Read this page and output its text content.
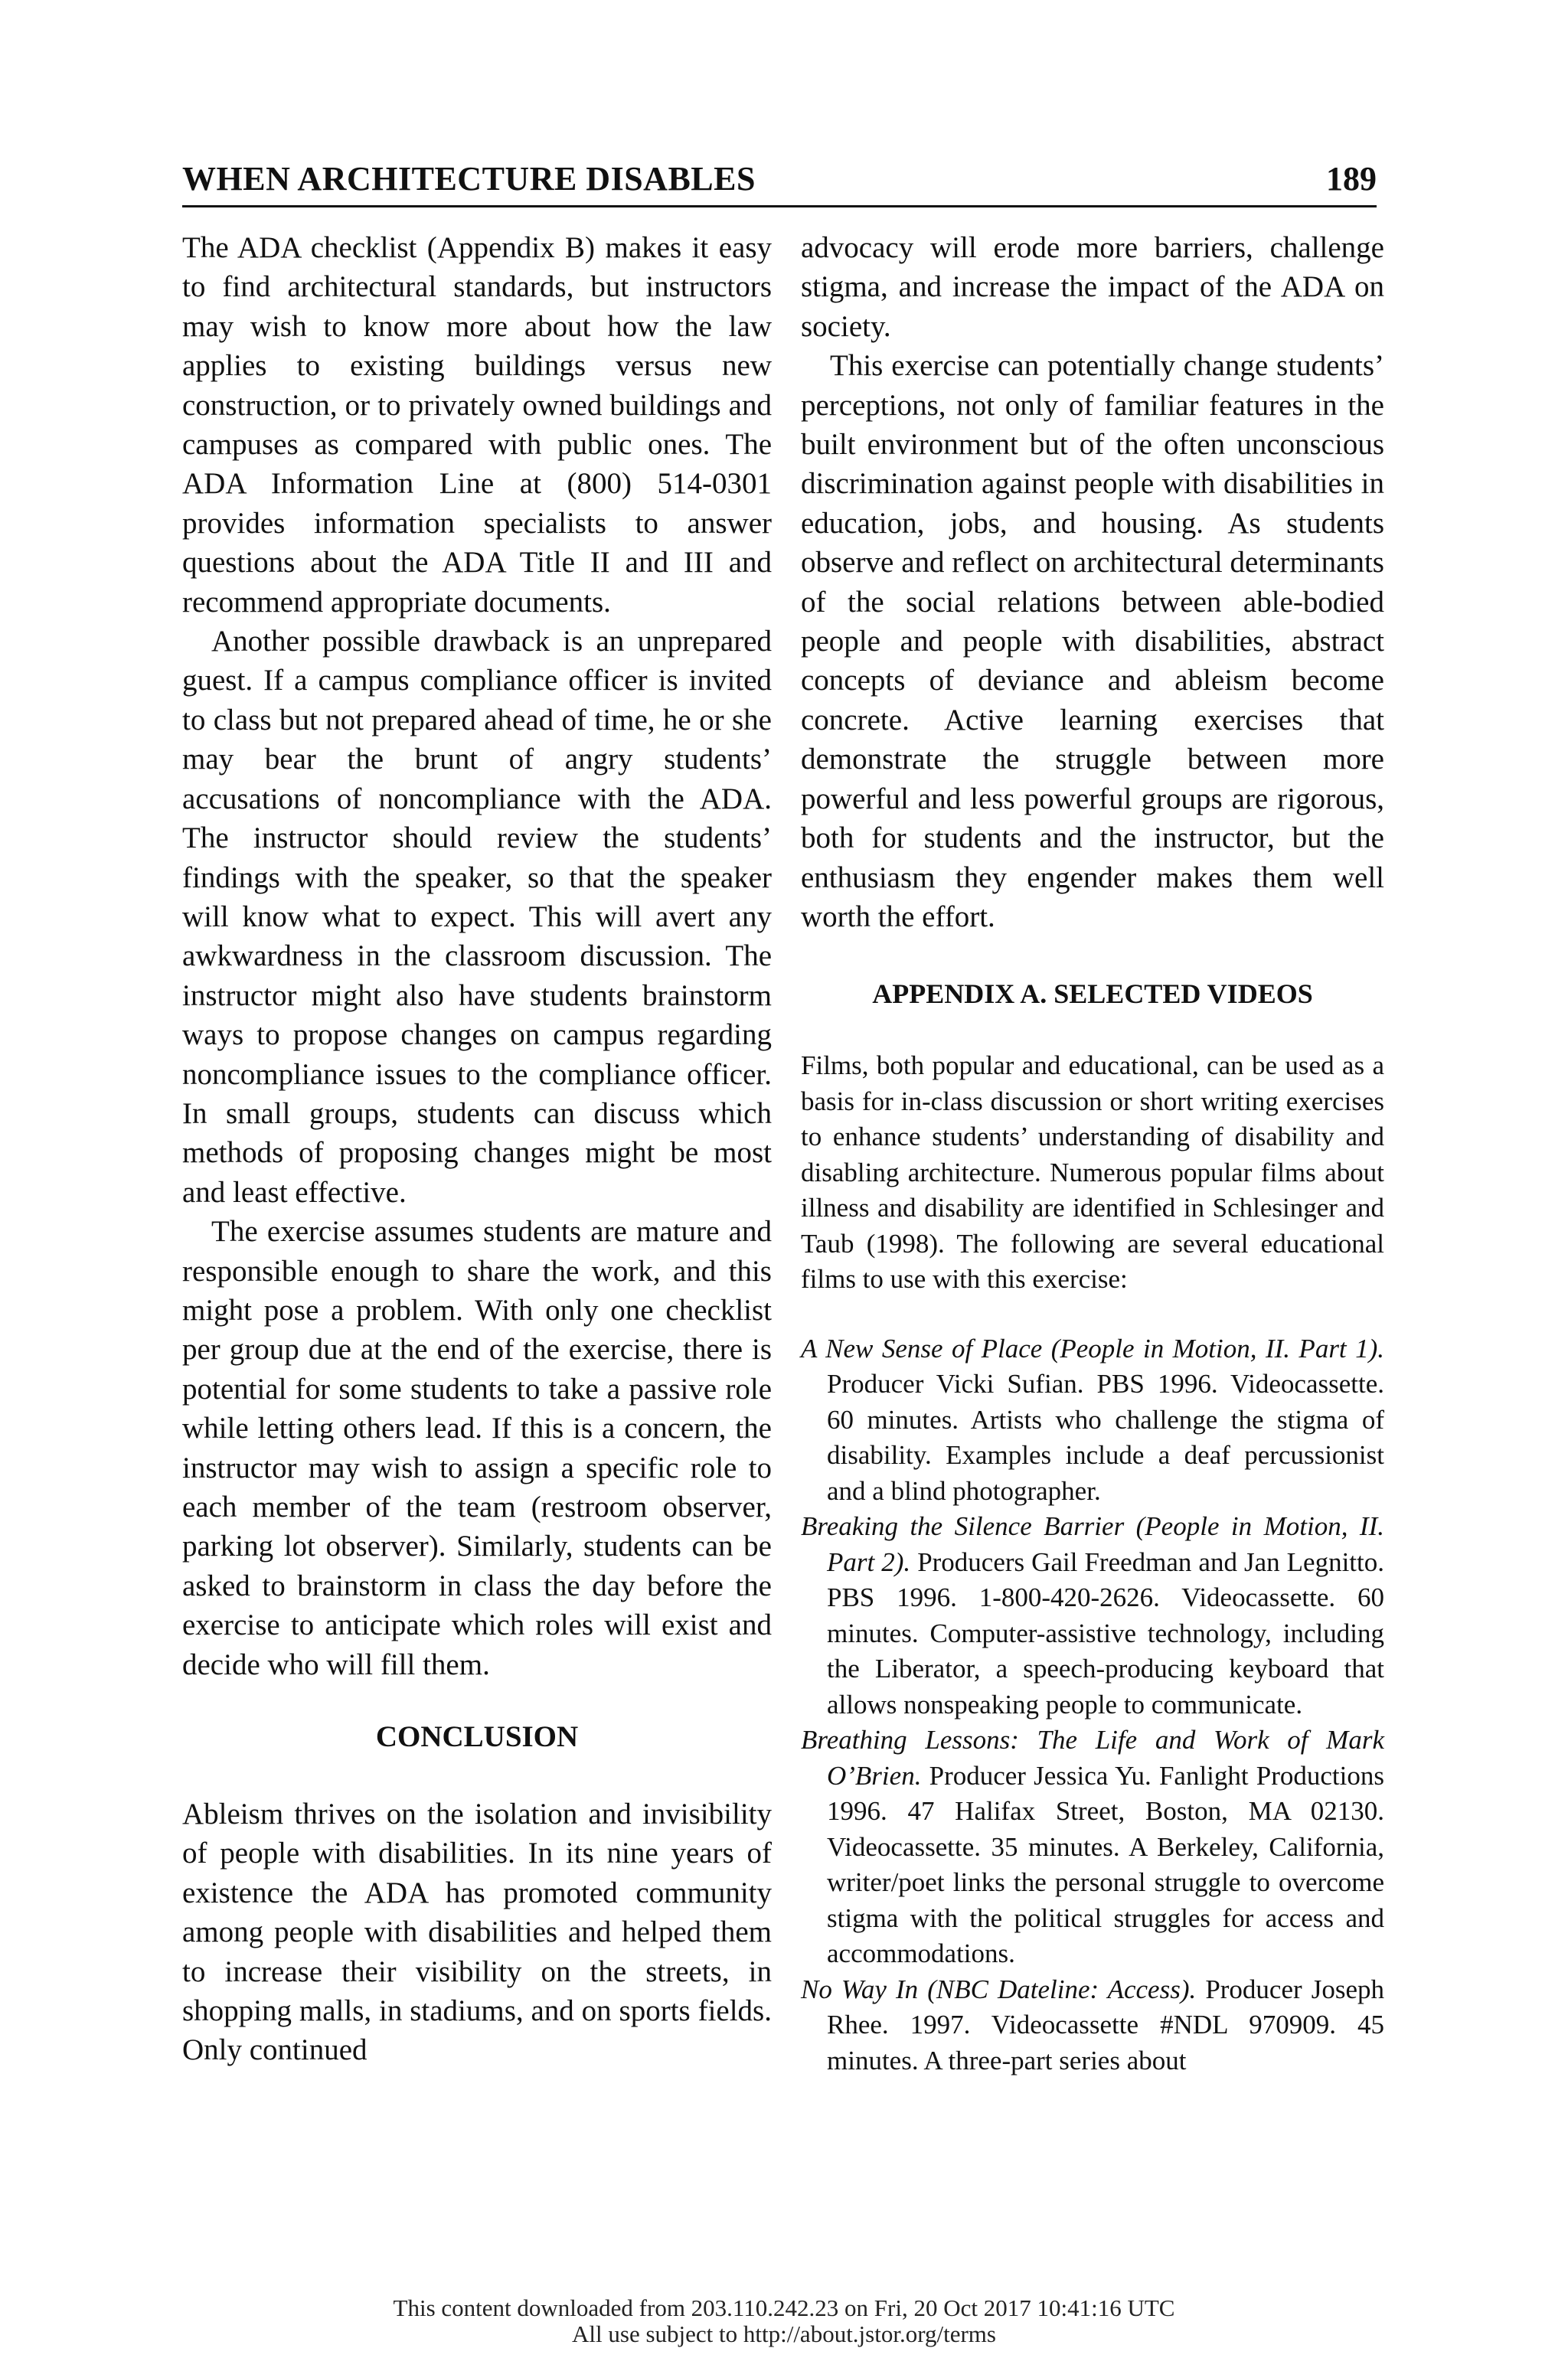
WHEN ARCHITECTURE DISABLES	189

The ADA checklist (Appendix B) makes it easy to find architectural standards, but instructors may wish to know more about how the law applies to existing buildings versus new construction, or to privately owned buildings and campuses as compared with public ones. The ADA Information Line at (800) 514-0301 provides information specialists to answer questions about the ADA Title II and III and recommend appropriate documents.

Another possible drawback is an unprepared guest. If a campus compliance officer is invited to class but not prepared ahead of time, he or she may bear the brunt of angry students’ accusations of noncompliance with the ADA. The instructor should review the students’ findings with the speaker, so that the speaker will know what to expect. This will avert any awkwardness in the classroom discussion. The instructor might also have students brainstorm ways to propose changes on campus regarding noncompliance issues to the compliance officer. In small groups, students can discuss which methods of proposing changes might be most and least effective.

The exercise assumes students are mature and responsible enough to share the work, and this might pose a problem. With only one checklist per group due at the end of the exercise, there is potential for some students to take a passive role while letting others lead. If this is a concern, the instructor may wish to assign a specific role to each member of the team (restroom observer, parking lot observer). Similarly, students can be asked to brainstorm in class the day before the exercise to anticipate which roles will exist and decide who will fill them.

CONCLUSION

Ableism thrives on the isolation and invisibility of people with disabilities. In its nine years of existence the ADA has promoted community among people with disabilities and helped them to increase their visibility on the streets, in shopping malls, in stadiums, and on sports fields. Only continued

advocacy will erode more barriers, challenge stigma, and increase the impact of the ADA on society.

This exercise can potentially change students’ perceptions, not only of familiar features in the built environment but of the often unconscious discrimination against people with disabilities in education, jobs, and housing. As students observe and reflect on architectural determinants of the social relations between able-bodied people and people with disabilities, abstract concepts of deviance and ableism become concrete. Active learning exercises that demonstrate the struggle between more powerful and less powerful groups are rigorous, both for students and the instructor, but the enthusiasm they engender makes them well worth the effort.

APPENDIX A. SELECTED VIDEOS

Films, both popular and educational, can be used as a basis for in-class discussion or short writing exercises to enhance students’ understanding of disability and disabling architecture. Numerous popular films about illness and disability are identified in Schlesinger and Taub (1998). The following are several educational films to use with this exercise:

A New Sense of Place (People in Motion, II. Part 1). Producer Vicki Sufian. PBS 1996. Videocassette. 60 minutes. Artists who challenge the stigma of disability. Examples include a deaf percussionist and a blind photographer.

Breaking the Silence Barrier (People in Motion, II. Part 2). Producers Gail Freedman and Jan Legnitto. PBS 1996. 1-800-420-2626. Videocassette. 60 minutes. Computer-assistive technology, including the Liberator, a speech-producing keyboard that allows nonspeaking people to communicate.

Breathing Lessons: The Life and Work of Mark O’Brien. Producer Jessica Yu. Fanlight Productions 1996. 47 Halifax Street, Boston, MA 02130. Videocassette. 35 minutes. A Berkeley, California, writer/poet links the personal struggle to overcome stigma with the political struggles for access and accommodations.

No Way In (NBC Dateline: Access). Producer Joseph Rhee. 1997. Videocassette #NDL 970909. 45 minutes. A three-part series about

This content downloaded from 203.110.242.23 on Fri, 20 Oct 2017 10:41:16 UTC
All use subject to http://about.jstor.org/terms
